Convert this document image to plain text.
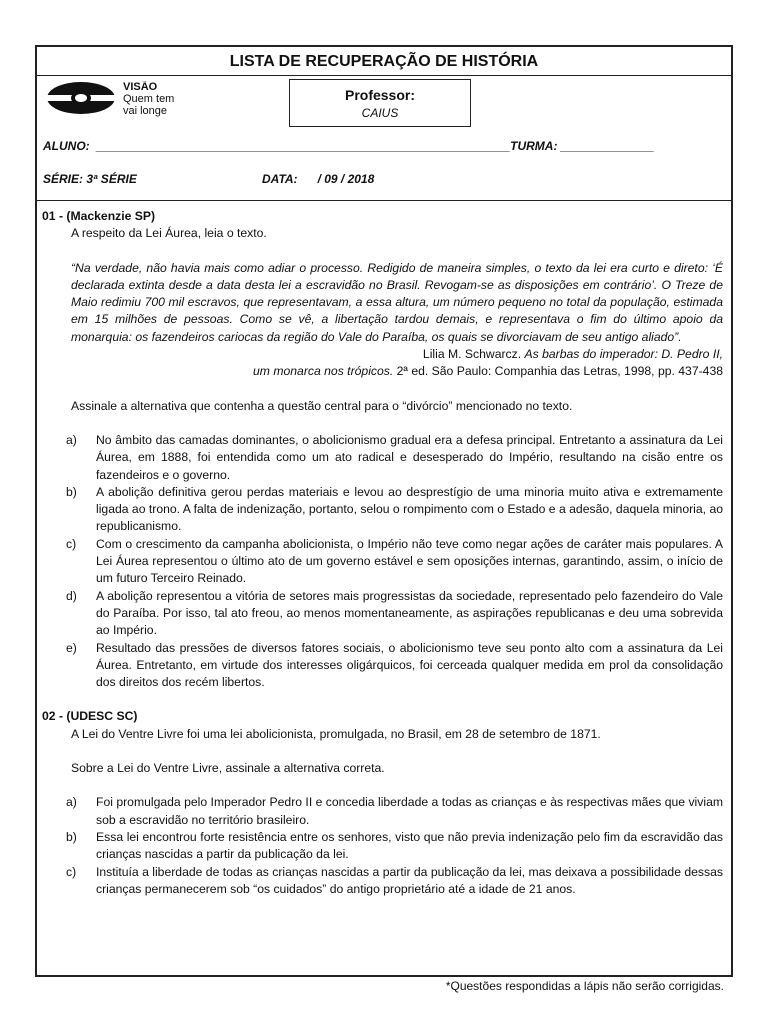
LISTA DE RECUPERAÇÃO DE HISTÓRIA
VISÃO
Quem tem
vai longe
Professor:
CAIUS
ALUNO: ______________________________________________________________TURMA: ______________
SÉRIE: 3ª SÉRIE	DATA: / 09 / 2018
01 - (Mackenzie SP)
A respeito da Lei Áurea, leia o texto.
“Na verdade, não havia mais como adiar o processo. Redigido de maneira simples, o texto da lei era curto e direto: ‘É declarada extinta desde a data desta lei a escravidão no Brasil. Revogam-se as disposições em contrário’. O Treze de Maio redimiu 700 mil escravos, que representavam, a essa altura, um número pequeno no total da população, estimada em 15 milhões de pessoas. Como se vê, a libertação tardou demais, e representava o fim do último apoio da monarquia: os fazendeiros cariocas da região do Vale do Paraíba, os quais se divorciavam de seu antigo aliado”.
Lilia M. Schwarcz. As barbas do imperador: D. Pedro II,
um monarca nos trópicos. 2ª ed. São Paulo: Companhia das Letras, 1998, pp. 437-438
Assinale a alternativa que contenha a questão central para o “divórcio” mencionado no texto.
a)	No âmbito das camadas dominantes, o abolicionismo gradual era a defesa principal. Entretanto a assinatura da Lei Áurea, em 1888, foi entendida como um ato radical e desesperado do Império, resultando na cisão entre os fazendeiros e o governo.
b)	A abolição definitiva gerou perdas materiais e levou ao desprestígio de uma minoria muito ativa e extremamente ligada ao trono. A falta de indenização, portanto, selou o rompimento com o Estado e a adesão, daquela minoria, ao republicanismo.
c)	Com o crescimento da campanha abolicionista, o Império não teve como negar ações de caráter mais populares. A Lei Áurea representou o último ato de um governo estável e sem oposições internas, garantindo, assim, o início de um futuro Terceiro Reinado.
d)	A abolição representou a vitória de setores mais progressistas da sociedade, representado pelo fazendeiro do Vale do Paraíba. Por isso, tal ato freou, ao menos momentaneamente, as aspirações republicanas e deu uma sobrevida ao Império.
e)	Resultado das pressões de diversos fatores sociais, o abolicionismo teve seu ponto alto com a assinatura da Lei Áurea. Entretanto, em virtude dos interesses oligárquicos, foi cerceada qualquer medida em prol da consolidação dos direitos dos recém libertos.
02 - (UDESC SC)
A Lei do Ventre Livre foi uma lei abolicionista, promulgada, no Brasil, em 28 de setembro de 1871.
Sobre a Lei do Ventre Livre, assinale a alternativa correta.
a)	Foi promulgada pelo Imperador Pedro II e concedia liberdade a todas as crianças e às respectivas mães que viviam sob a escravidão no território brasileiro.
b)	Essa lei encontrou forte resistência entre os senhores, visto que não previa indenização pelo fim da escravidão das crianças nascidas a partir da publicação da lei.
c)	Instituía a liberdade de todas as crianças nascidas a partir da publicação da lei, mas deixava a possibilidade dessas crianças permanecerem sob “os cuidados” do antigo proprietário até a idade de 21 anos.
*Questões respondidas a lápis não serão corrigidas.
